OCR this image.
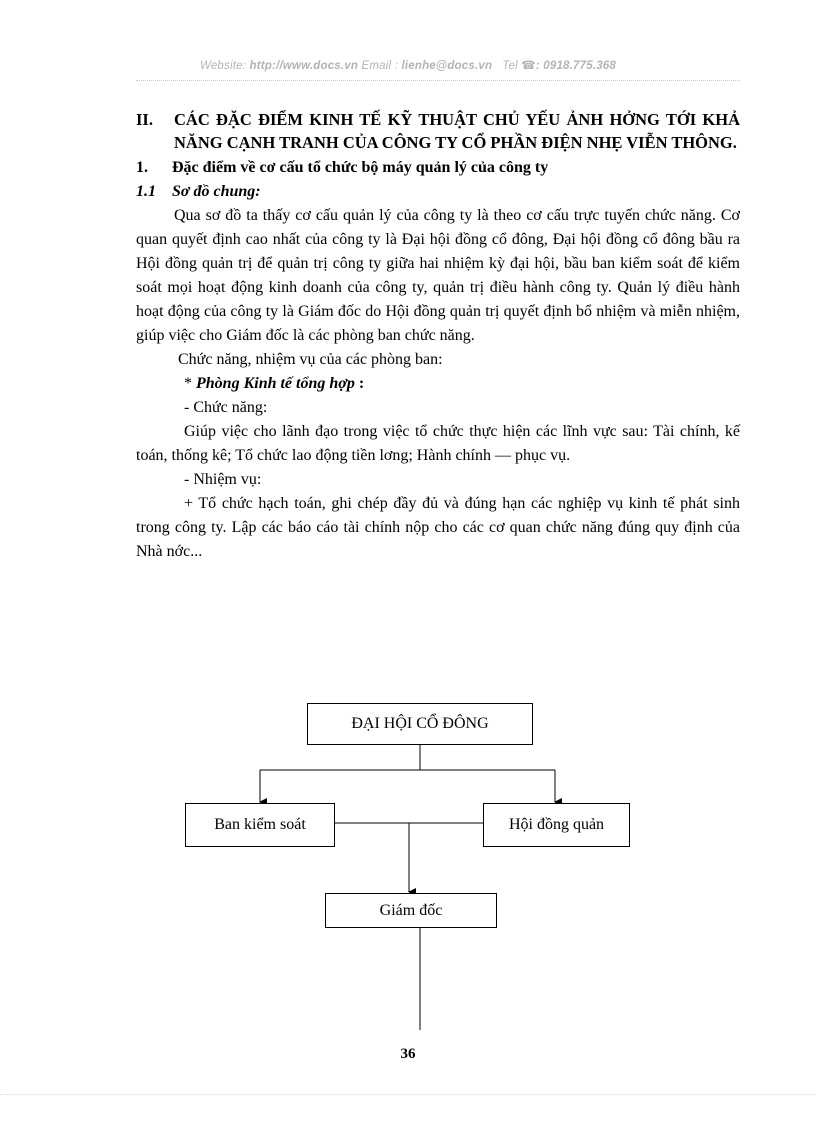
Website: http://www.docs.vn Email : lienhe@docs.vn Tel ☎: 0918.775.368
II. CÁC ĐẶC ĐIỂM KINH TẾ KỸ THUẬT CHỦ YẾU ẢNH HỞNG TỚI KHẢ NĂNG CẠNH TRANH CỦA CÔNG TY CỔ PHẦN ĐIỆN NHẸ VIỄN THÔNG.
1. Đặc điểm về cơ cấu tổ chức bộ máy quản lý của công ty
1.1 Sơ đồ chung:

Qua sơ đồ ta thấy cơ cấu quản lý của công ty là theo cơ cấu trực tuyến chức năng. Cơ quan quyết định cao nhất của công ty là Đại hội đồng cổ đông, Đại hội đồng cổ đông bầu ra Hội đồng quản trị để quản trị công ty giữa hai nhiệm kỳ đại hội, bầu ban kiểm soát để kiểm soát mọi hoạt động kinh doanh của công ty, quản trị điều hành công ty. Quản lý điều hành hoạt động của công ty là Giám đốc do Hội đồng quản trị quyết định bổ nhiệm và miễn nhiệm, giúp việc cho Giám đốc là các phòng ban chức năng.

Chức năng, nhiệm vụ của các phòng ban:

* Phòng Kinh tế tổng hợp :

- Chức năng:

Giúp việc cho lãnh đạo trong việc tổ chức thực hiện các lĩnh vực sau: Tài chính, kế toán, thống kê; Tổ chức lao động tiền lơng; Hành chính — phục vụ.

- Nhiệm vụ:

+ Tổ chức hạch toán, ghi chép đầy đủ và đúng hạn các nghiệp vụ kinh tế phát sinh trong công ty. Lập các báo cáo tài chính nộp cho các cơ quan chức năng đúng quy định của Nhà nớc...

ĐẠI HỘI CỔ ĐÔNG
Ban kiểm soát	Hội đồng quản
Giám đốc
36
